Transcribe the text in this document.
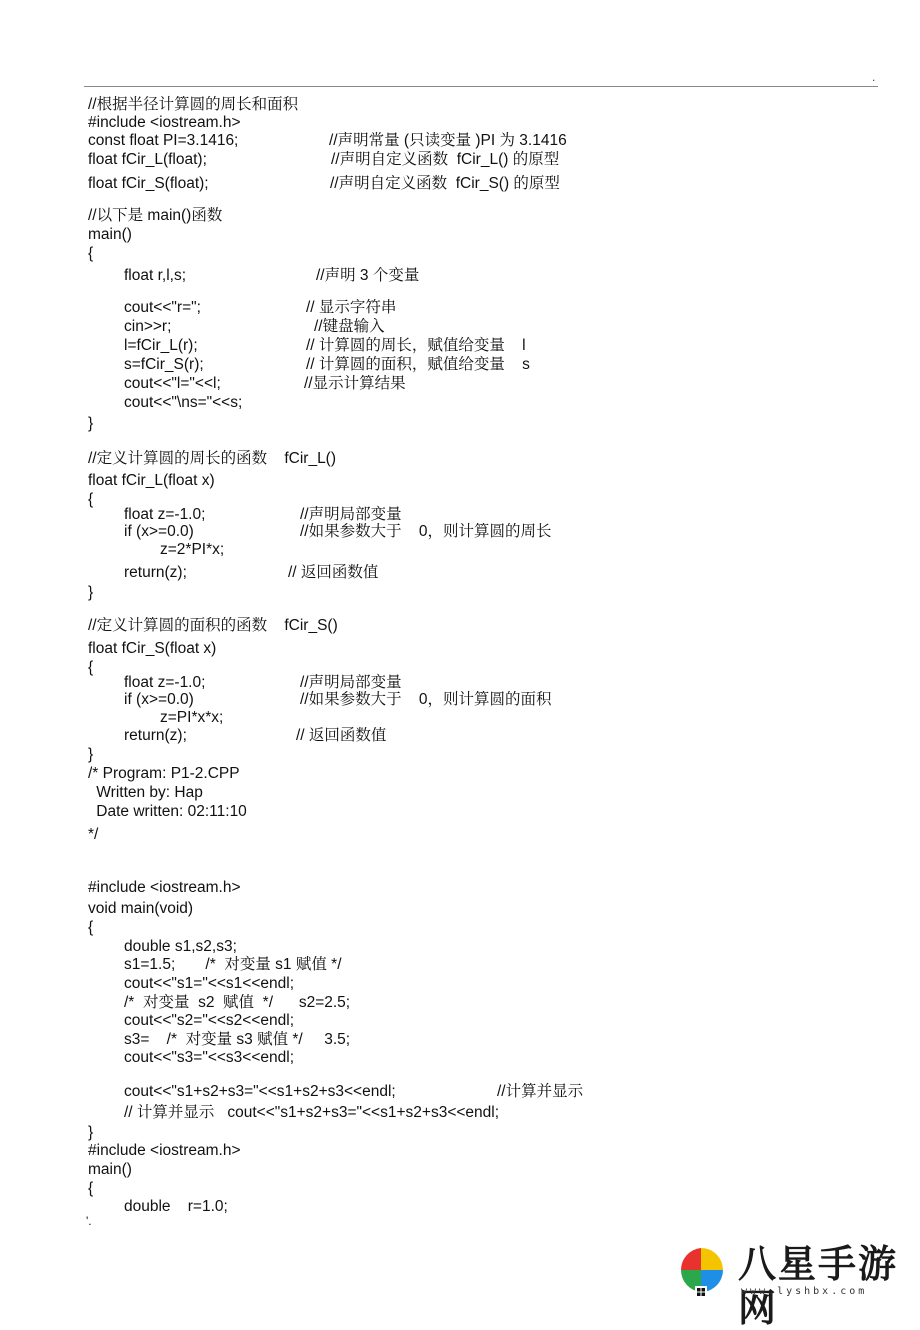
.
//根据半径计算圆的周长和面积
#include <iostream.h>
const float PI=3.1416;	//声明常量 (只读变量 )PI 为 3.1416
float fCir_L(float);	//声明自定义函数  fCir_L() 的原型
float fCir_S(float);	//声明自定义函数  fCir_S() 的原型
//以下是 main()函数
main()
{
float r,l,s;	//声明 3 个变量
cout<<"r=";	// 显示字符串
cin>>r;	//键盘输入
l=fCir_L(r);	// 计算圆的周长，赋值给变量    l
s=fCir_S(r);	// 计算圆的面积，赋值给变量    s
cout<<"l="<<l;	//显示计算结果
cout<<"\ns="<<s;
}
//定义计算圆的周长的函数    fCir_L()
float fCir_L(float x)
{
float z=-1.0;	//声明局部变量
if (x>=0.0)	//如果参数大于    0，则计算圆的周长
z=2*PI*x;
return(z);	// 返回函数值
}
//定义计算圆的面积的函数    fCir_S()
float fCir_S(float x)
{
float z=-1.0;	//声明局部变量
if (x>=0.0)	//如果参数大于    0，则计算圆的面积
z=PI*x*x;
return(z);	// 返回函数值
}
/* Program: P1-2.CPP
Written by: Hap
Date written: 02:11:10
*/
#include <iostream.h>
void main(void)
{
double s1,s2,s3;
s1=1.5;       /*  对变量 s1 赋值 */
cout<<"s1="<<s1<<endl;
/*  对变量  s2  赋值  */      s2=2.5;
cout<<"s2="<<s2<<endl;
s3=    /*  对变量 s3 赋值 */     3.5;
cout<<"s3="<<s3<<endl;
cout<<"s1+s2+s3="<<s1+s2+s3<<endl;	//计算并显示
// 计算并显示   cout<<"s1+s2+s3="<<s1+s2+s3<<endl;
}
#include <iostream.h>
main()
{
double    r=1.0;
'.
八星手游网
www.lyshbx.com
